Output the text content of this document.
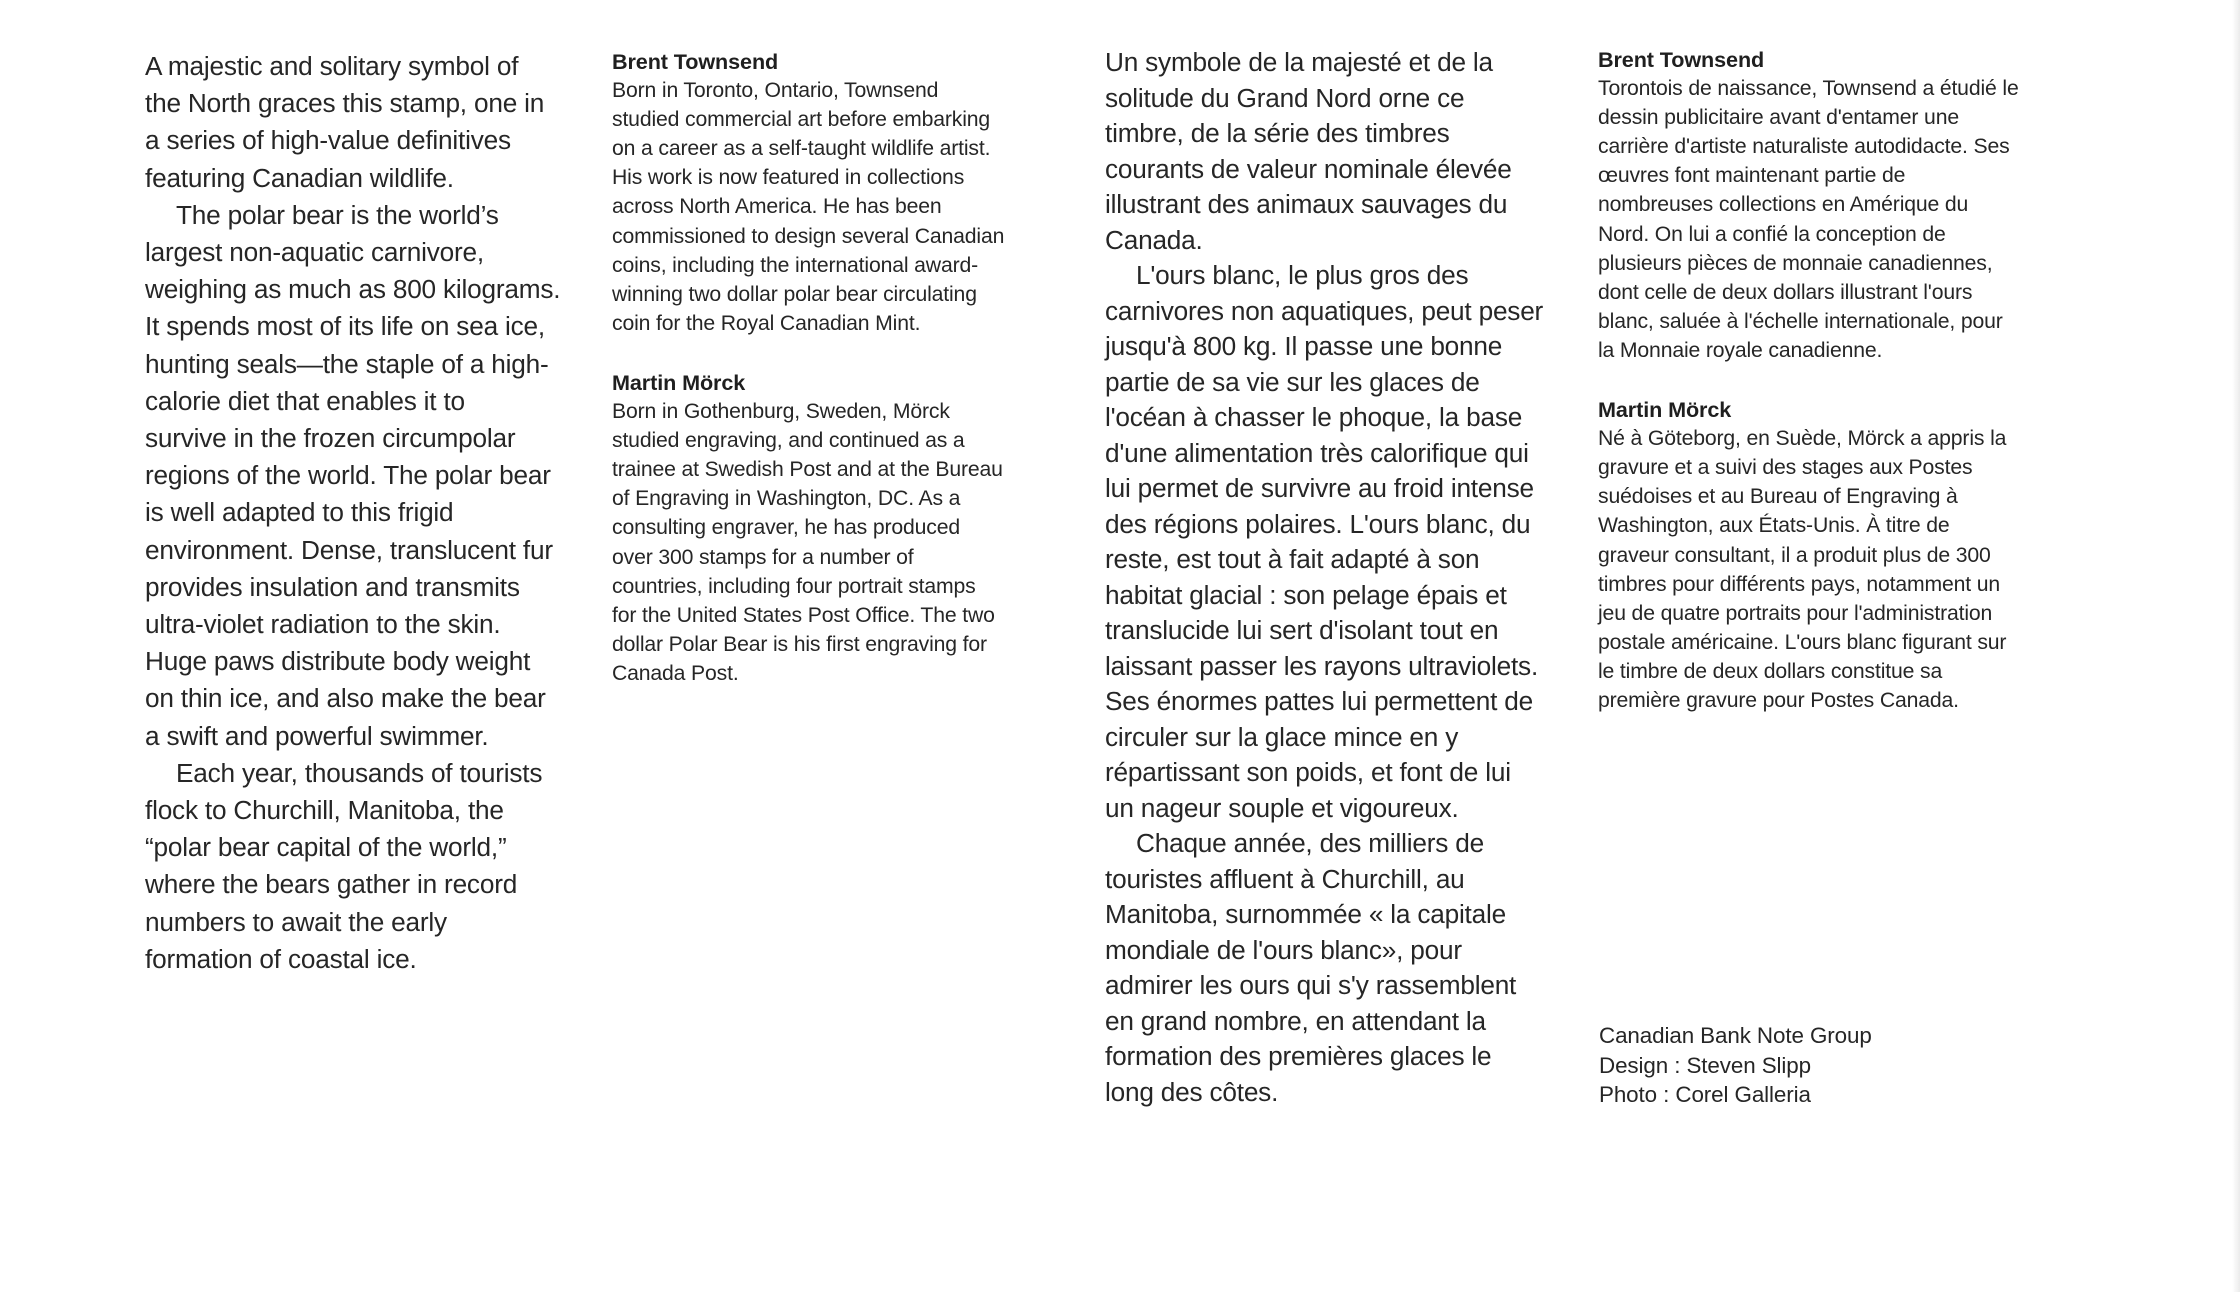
A majestic and solitary symbol of
the North graces this stamp, one in
a series of high-value definitives
featuring Canadian wildlife.

The polar bear is the world’s
largest non-aquatic carnivore,
weighing as much as 800 kilograms.
It spends most of its life on sea ice,
hunting seals—the staple of a high-
calorie diet that enables it to
survive in the frozen circumpolar
regions of the world. The polar bear
is well adapted to this frigid
environment. Dense, translucent fur
provides insulation and transmits
ultra-violet radiation to the skin.
Huge paws distribute body weight
on thin ice, and also make the bear
a swift and powerful swimmer.

Each year, thousands of tourists
flock to Churchill, Manitoba, the
“polar bear capital of the world,”
where the bears gather in record
numbers to await the early
formation of coastal ice.

Brent Townsend

Born in Toronto, Ontario, Townsend
studied commercial art before embarking
on a career as a self-taught wildlife artist.
His work is now featured in collections
across North America. He has been
commissioned to design several Canadian
coins, including the international award-
winning two dollar polar bear circulating
coin for the Royal Canadian Mint.

Martin Mörck

Born in Gothenburg, Sweden, Mörck
studied engraving, and continued as a
trainee at Swedish Post and at the Bureau
of Engraving in Washington, DC. As a
consulting engraver, he has produced
over 300 stamps for a number of
countries, including four portrait stamps
for the United States Post Office. The two
dollar Polar Bear is his first engraving for
Canada Post.

Un symbole de la majesté et de la
solitude du Grand Nord orne ce
timbre, de la série des timbres
courants de valeur nominale élevée
illustrant des animaux sauvages du
Canada.

L'ours blanc, le plus gros des
carnivores non aquatiques, peut peser
jusqu'à 800 kg. Il passe une bonne
partie de sa vie sur les glaces de
l'océan à chasser le phoque, la base
d'une alimentation très calorifique qui
lui permet de survivre au froid intense
des régions polaires. L'ours blanc, du
reste, est tout à fait adapté à son
habitat glacial : son pelage épais et
translucide lui sert d'isolant tout en
laissant passer les rayons ultraviolets.
Ses énormes pattes lui permettent de
circuler sur la glace mince en y
répartissant son poids, et font de lui
un nageur souple et vigoureux.

Chaque année, des milliers de
touristes affluent à Churchill, au
Manitoba, surnommée « la capitale
mondiale de l'ours blanc», pour
admirer les ours qui s'y rassemblent
en grand nombre, en attendant la
formation des premières glaces le
long des côtes.

Brent Townsend

Torontois de naissance, Townsend a étudié le
dessin publicitaire avant d'entamer une
carrière d'artiste naturaliste autodidacte. Ses
œuvres font maintenant partie de
nombreuses collections en Amérique du
Nord. On lui a confié la conception de
plusieurs pièces de monnaie canadiennes,
dont celle de deux dollars illustrant l'ours
blanc, saluée à l'échelle internationale, pour
la Monnaie royale canadienne.

Martin Mörck

Né à Göteborg, en Suède, Mörck a appris la
gravure et a suivi des stages aux Postes
suédoises et au Bureau of Engraving à
Washington, aux États-Unis. À titre de
graveur consultant, il a produit plus de 300
timbres pour différents pays, notamment un
jeu de quatre portraits pour l'administration
postale américaine. L'ours blanc figurant sur
le timbre de deux dollars constitue sa
première gravure pour Postes Canada.

Canadian Bank Note Group

Design : Steven Slipp

Photo : Corel Galleria
